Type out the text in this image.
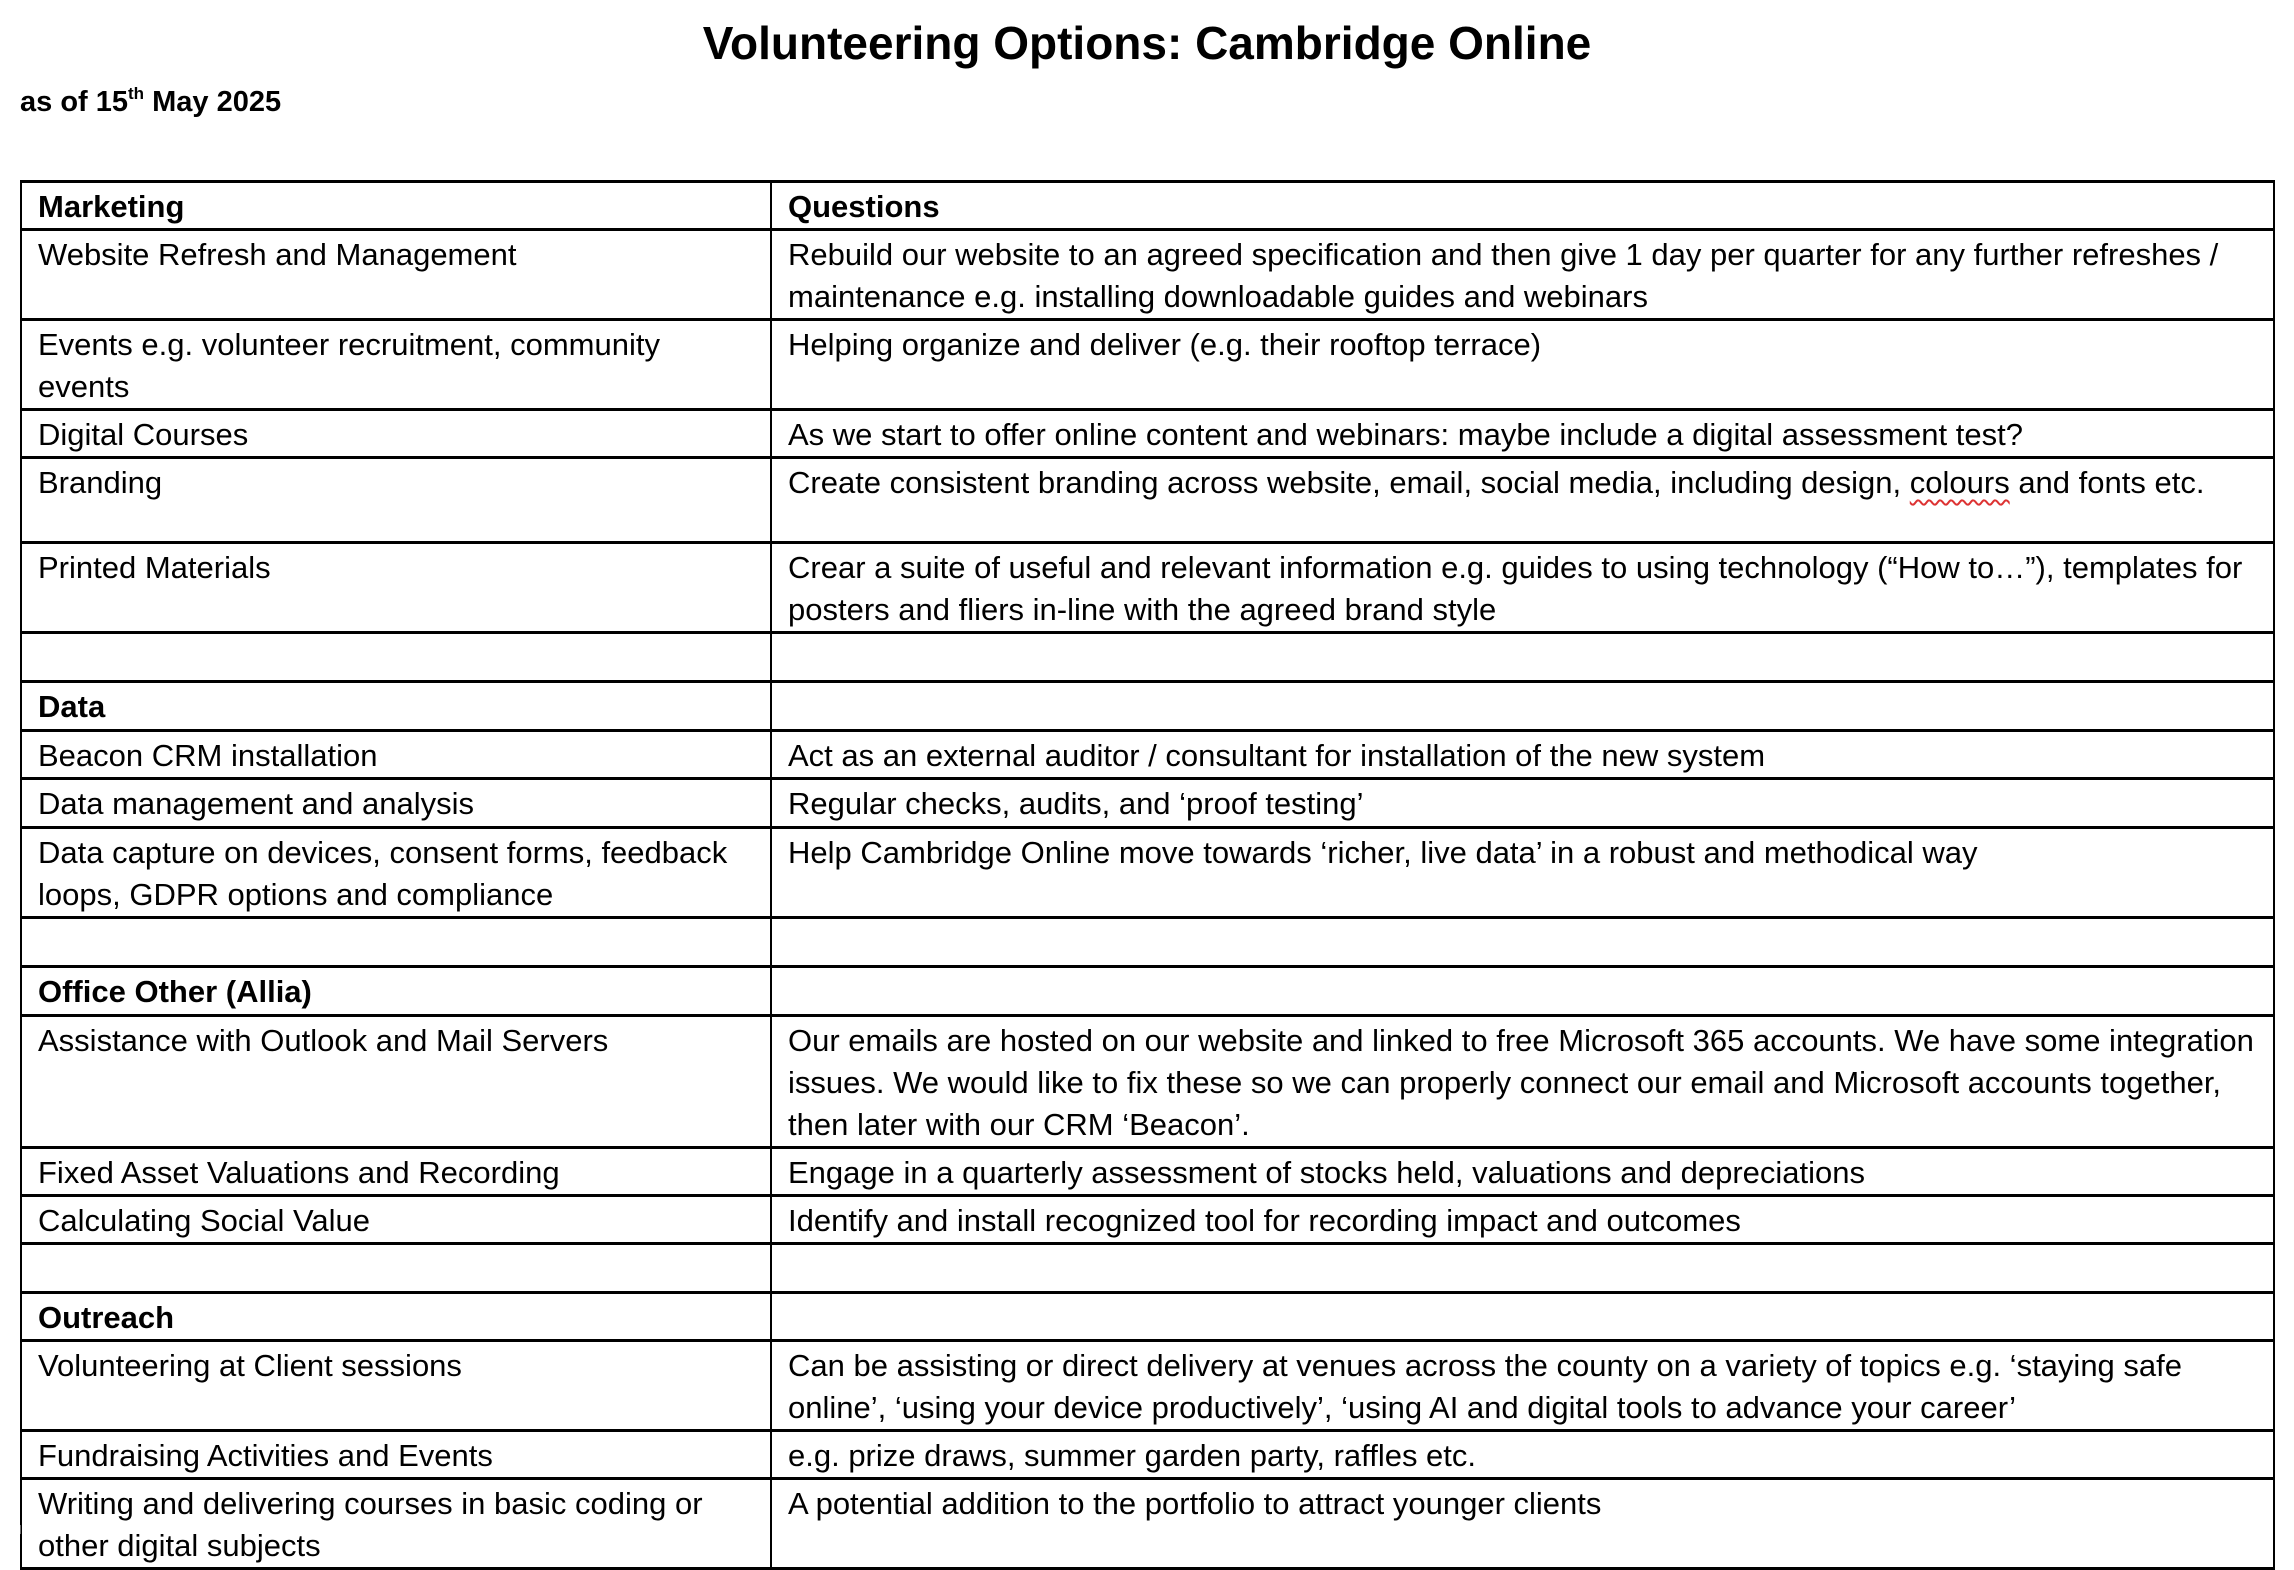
Volunteering Options: Cambridge Online
as of 15th May 2025
Marketing	Questions
Website Refresh and Management	Rebuild our website to an agreed specification and then give 1 day per quarter for any further refreshes / maintenance e.g. installing downloadable guides and webinars
Events e.g. volunteer recruitment, community events	Helping organize and deliver (e.g. their rooftop terrace)
Digital Courses	As we start to offer online content and webinars: maybe include a digital assessment test?
Branding	Create consistent branding across website, email, social media, including design, colours and fonts etc.
Printed Materials	Crear a suite of useful and relevant information e.g. guides to using technology (“How to…”), templates for posters and fliers in-line with the agreed brand style

Data	
Beacon CRM installation	Act as an external auditor / consultant for installation of the new system
Data management and analysis	Regular checks, audits, and ‘proof testing’
Data capture on devices, consent forms, feedback loops, GDPR options and compliance	Help Cambridge Online move towards ‘richer, live data’ in a robust and methodical way

Office Other (Allia)	
Assistance with Outlook and Mail Servers	Our emails are hosted on our website and linked to free Microsoft 365 accounts. We have some integration issues. We would like to fix these so we can properly connect our email and Microsoft accounts together, then later with our CRM ‘Beacon’.
Fixed Asset Valuations and Recording	Engage in a quarterly assessment of stocks held, valuations and depreciations
Calculating Social Value	Identify and install recognized tool for recording impact and outcomes

Outreach	
Volunteering at Client sessions	Can be assisting or direct delivery at venues across the county on a variety of topics e.g. ‘staying safe online’, ‘using your device productively’, ‘using AI and digital tools to advance your career’
Fundraising Activities and Events	e.g. prize draws, summer garden party, raffles etc.
Writing and delivering courses in basic coding or other digital subjects	A potential addition to the portfolio to attract younger clients
